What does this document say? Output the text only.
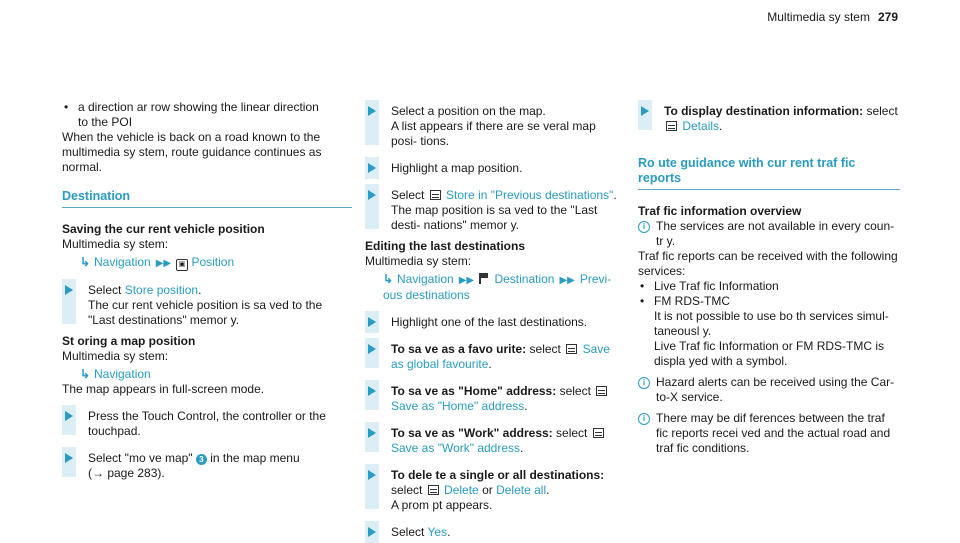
Multimedia sy stem 279
• a direction ar row showing the linear direction
to the POI

When the vehicle is back on a road known to the multimedia sy stem, route guidance continues as normal.

Destination

Saving the cur rent vehicle position

Multimedia sy stem:

↳ Navigation ▶▶ ▣ Position
Select Store position.
The cur rent vehicle position is sa ved to the "Last destinations" memor y.

St oring a map position

Multimedia sy stem:

↳ Navigation

The map appears in full-screen mode.

Press the Touch Control, the controller or the touchpad.
Select "mo ve map" 3 in the map menu
(→ page 283).
Select a position on the map.
A list appears if there are se veral map posi- tions.
Highlight a map position.
Select Store in "Previous destinations".
The map position is sa ved to the "Last desti- nations" memor y.

Editing the last destinations

Multimedia sy stem:

↳ Navigation ▶▶ Destination ▶▶ Previ- ous destinations
Highlight one of the last destinations.
To sa ve as a favo urite: select Save as global favourite.
To sa ve as "Home" address: select  Save as "Home" address.
To sa ve as "Work" address: select  Save as "Work" address.
To dele te a single or all destinations:
select Delete or Delete all.
A prom pt appears.
Select Yes.
To display destination information: select
Details.
Ro ute guidance with cur rent traf fic reports

Traf fic information overview

i The services are not available in every coun- tr y.

Traf fic reports can be received with the following services:

• Live Traf fic Information
• FM RDS-TMC
It is not possible to use bo th services simul- taneousl y.
Live Traf fic Information or FM RDS-TMC is displa yed with a symbol.
i Hazard alerts can be received using the Car- to-X service.
i There may be dif ferences between the traf fic reports recei ved and the actual road and traf fic conditions.
